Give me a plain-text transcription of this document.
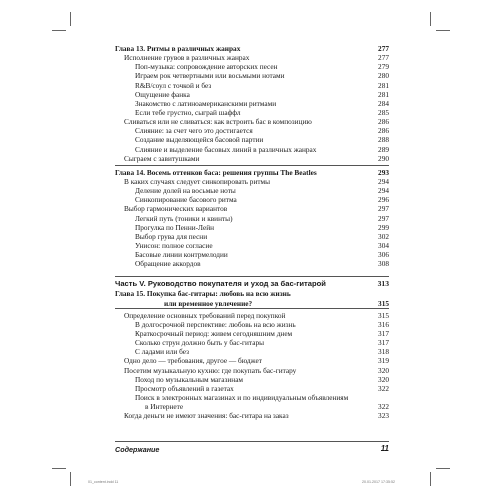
Глава 13. Ритмы в различных жанрах	277
Исполнение грувов в различных жанрах	277
Поп-музыка: сопровождение авторских песен	279
Играем рок четвертными или восьмыми нотами	280
R&B/соул с точкой и без	281
Ощущение фанка	281
Знакомство с латиноамериканскими ритмами	284
Если тебе грустно, сыграй шаффл	285
Сливаться или не сливаться: как встроить бас в композицию	286
Слияние: за счет чего это достигается	286
Создание выделяющейся басовой партии	288
Слияние и выделение басовых линий в различных жанрах	289
Сыграем с завитушками	290
Глава 14. Восемь оттенков баса: решения группы The Beatles	293
В каких случаях следует синкопировать ритмы	294
Деление долей на восьмые ноты	294
Синкопирование басового ритма	296
Выбор гармонических вариантов	297
Легкий путь (тоники и квинты)	297
Прогулка по Пенни-Лейн	299
Выбор грува для песни	302
Унисон: полное согласие	304
Басовые линии контрмелодии	306
Обращение аккордов	308
Часть V. Руководство покупателя и уход за бас-гитарой	313
Глава 15. Покупка бас-гитары: любовь на всю жизнь
или временное увлечение?	315
Определение основных требований перед покупкой	315
В долгосрочной перспективе: любовь на всю жизнь	316
Краткосрочный период: живем сегодняшним днем	317
Сколько струн должно быть у бас-гитары	317
С ладами или без	318
Одно дело — требования, другое — бюджет	319
Посетим музыкальную кухню: где покупать бас-гитару	320
Поход по музыкальным магазинам	320
Просмотр объявлений в газетах	322
Поиск в электронных магазинах и по индивидуальным объявлениям
в Интернете	322
Когда деньги не имеют значения: бас-гитара на заказ	323
Содержание	11
01_content.indd 11	20.01.2017 17:35:52
